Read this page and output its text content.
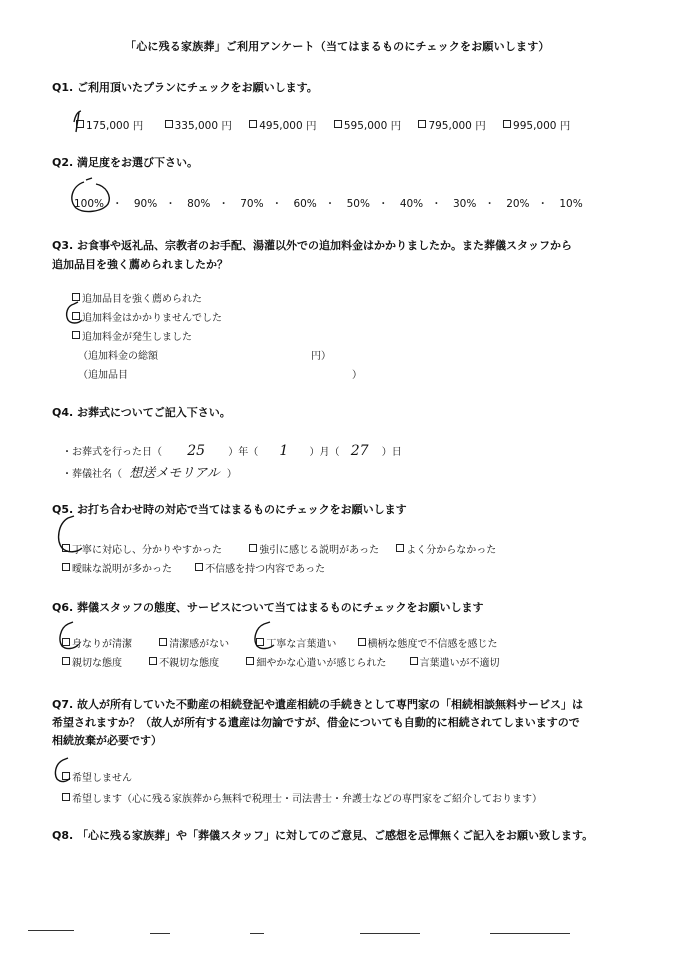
「心に残る家族葬」ご利用アンケート（当てはまるものにチェックをお願いします）
Q1. ご利用頂いたプランにチェックをお願いします。
175,000 円	335,000 円	495,000 円	595,000 円	795,000 円	995,000 円
Q2. 満足度をお選び下さい。
100% ・ 90% ・ 80% ・ 70% ・ 60% ・ 50% ・ 40% ・ 30% ・ 20% ・ 10%
Q3. お食事や返礼品、宗教者のお手配、湯灌以外での追加料金はかかりましたか。また葬儀スタッフから
追加品目を強く薦められましたか？
追加品目を強く薦められた
追加料金はかかりませんでした
追加料金が発生しました
（追加料金の総額	円）
（追加品目	）
Q4. お葬式についてご記入下さい。
・お葬式を行った日（ 25 ）年（ 1 ）月（ 27 ）日
・葬儀社名（ 想送メモリアル ）
Q5. お打ち合わせ時の対応で当てはまるものにチェックをお願いします
丁寧に対応し、分かりやすかった	強引に感じる説明があった	よく分からなかった
曖昧な説明が多かった	不信感を持つ内容であった
Q6. 葬儀スタッフの態度、サービスについて当てはまるものにチェックをお願いします
身なりが清潔	清潔感がない	丁寧な言葉遣い	横柄な態度で不信感を感じた
親切な態度	不親切な態度	細やかな心遣いが感じられた	言葉遣いが不適切
Q7. 故人が所有していた不動産の相続登記や遺産相続の手続きとして専門家の「相続相談無料サービス」は
希望されますか？（故人が所有する遺産は勿論ですが、借金についても自動的に相続されてしまいますので
相続放棄が必要です）
希望しません
希望します（心に残る家族葬から無料で税理士・司法書士・弁護士などの専門家をご紹介しております）
Q8. 「心に残る家族葬」や「葬儀スタッフ」に対してのご意見、ご感想を忌憚無くご記入をお願い致します。
